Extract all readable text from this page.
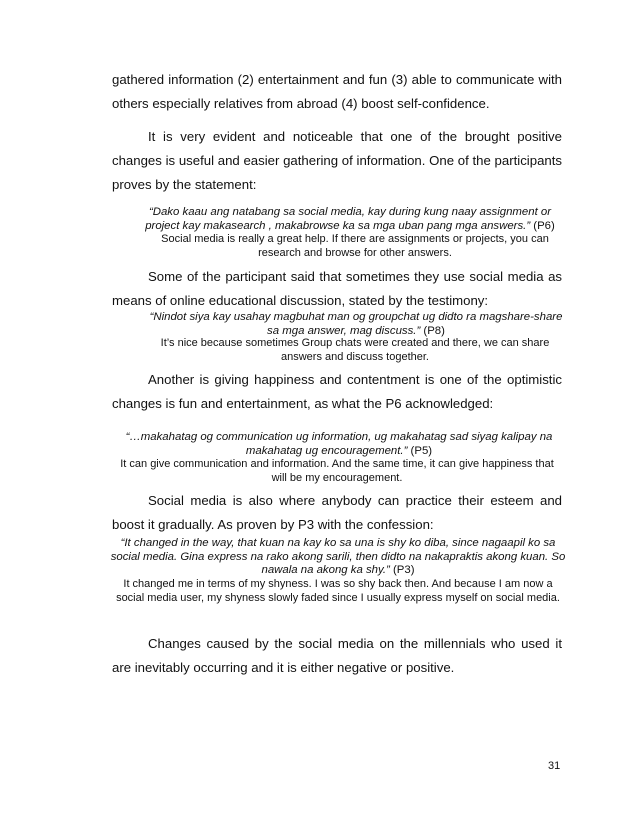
gathered information (2) entertainment and fun (3) able to communicate with others especially relatives from abroad (4) boost self-confidence.

It is very evident and noticeable that one of the brought positive changes is useful and easier gathering of information. One of the participants proves by the statement:

“Dako kaau ang natabang sa social media, kay during kung naay assignment or project kay makasearch , makabrowse ka sa mga uban pang mga answers.” (P6)
Social media is really a great help. If there are assignments or projects, you can research and browse for other answers.

Some of the participant said that sometimes they use social media as means of online educational discussion, stated by the testimony:

“Nindot siya kay usahay magbuhat man og groupchat ug didto ra magshare-share sa mga answer, mag discuss.” (P8)
It’s nice because sometimes Group chats were created and there, we can share answers and discuss together.

Another is giving happiness and contentment is one of the optimistic changes is fun and entertainment, as what the P6 acknowledged:

“…makahatag og communication ug information, ug makahatag sad siyag kalipay na makahatag ug encouragement.” (P5)
It can give communication and information. And the same time, it can give happiness that will be my encouragement.

Social media is also where anybody can practice their esteem and boost it gradually. As proven by P3 with the confession:

“It changed in the way, that kuan na kay ko sa una is shy ko diba, since nagaapil ko sa social media. Gina express na rako akong sarili, then didto na nakapraktis akong kuan. So nawala na akong ka shy.” (P3)
It changed me in terms of my shyness. I was so shy back then. And because I am now a social media user, my shyness slowly faded since I usually express myself on social media.

Changes caused by the social media on the millennials who used it are inevitably occurring and it is either negative or positive.

31
